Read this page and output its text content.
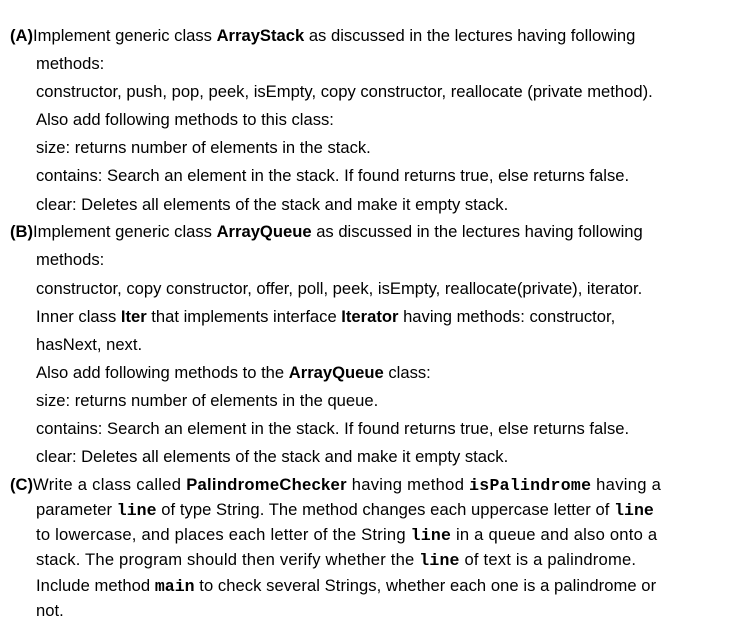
(A)Implement generic class ArrayStack as discussed in the lectures having following
methods:
constructor, push, pop, peek, isEmpty, copy constructor, reallocate (private method).
Also add following methods to this class:
size: returns number of elements in the stack.
contains: Search an element in the stack. If found returns true, else returns false.
clear: Deletes all elements of the stack and make it empty stack.
(B)Implement generic class ArrayQueue as discussed in the lectures having following
methods:
constructor, copy constructor, offer, poll, peek, isEmpty, reallocate(private), iterator.
Inner class Iter that implements interface Iterator having methods: constructor,
hasNext, next.
Also add following methods to the ArrayQueue class:
size: returns number of elements in the queue.
contains: Search an element in the stack. If found returns true, else returns false.
clear: Deletes all elements of the stack and make it empty stack.
(C)Write a class called PalindromeChecker having method isPalindrome having a
parameter line of type String. The method changes each uppercase letter of line
to lowercase, and places each letter of the String line in a queue and also onto a
stack. The program should then verify whether the line of text is a palindrome.
Include method main to check several Strings, whether each one is a palindrome or
not.
